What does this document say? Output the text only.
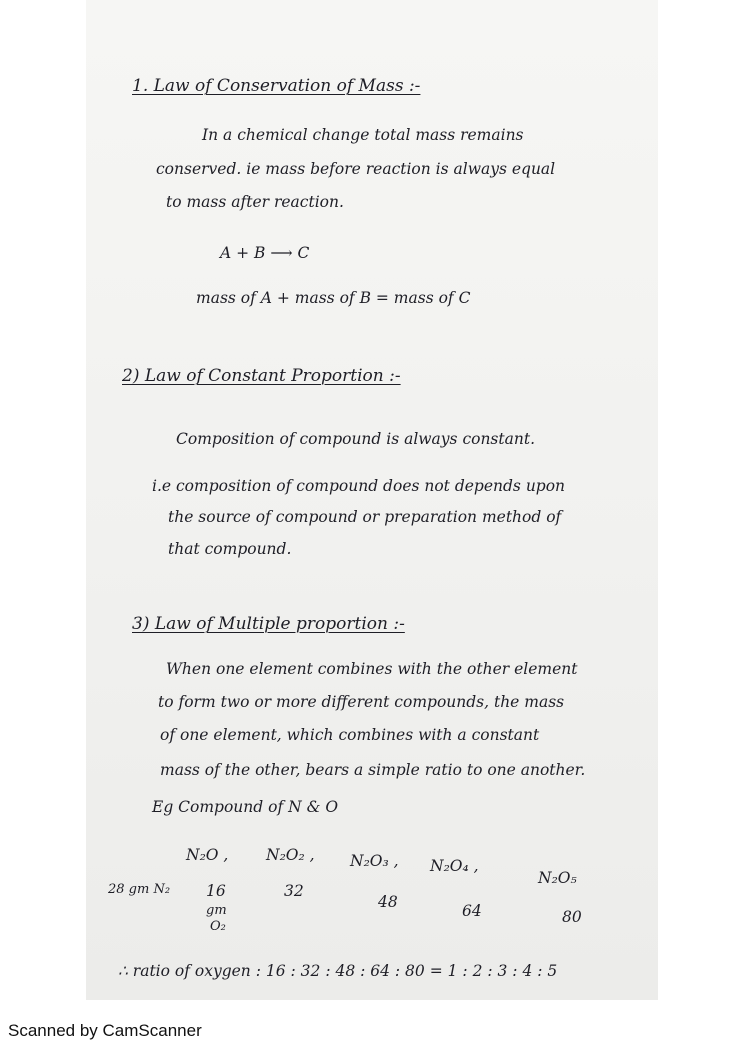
1. Law of Conservation of Mass :-
In a chemical change total mass remains
conserved. ie mass before reaction is always equal
to mass after reaction.
A + B ⟶ C
mass of A + mass of B = mass of C
2) Law of Constant Proportion :-
Composition of compound is always constant.
i.e composition of compound does not depends upon
the source of compound or preparation method of
that compound.
3) Law of Multiple proportion :-
When one element combines with the other element
to form two or more different compounds, the mass
of one element, which combines with a constant
mass of the other, bears a simple ratio to one another.
Eg Compound of N & O
N₂O , N₂O₂ , N₂O₃ , N₂O₄ ,
N₂O₅
28 gm N₂ 16
gm
O₂
32
48	64	80
∴ ratio of oxygen : 16 : 32 : 48 : 64 : 80 = 1 : 2 : 3 : 4 : 5
Scanned by CamScanner
